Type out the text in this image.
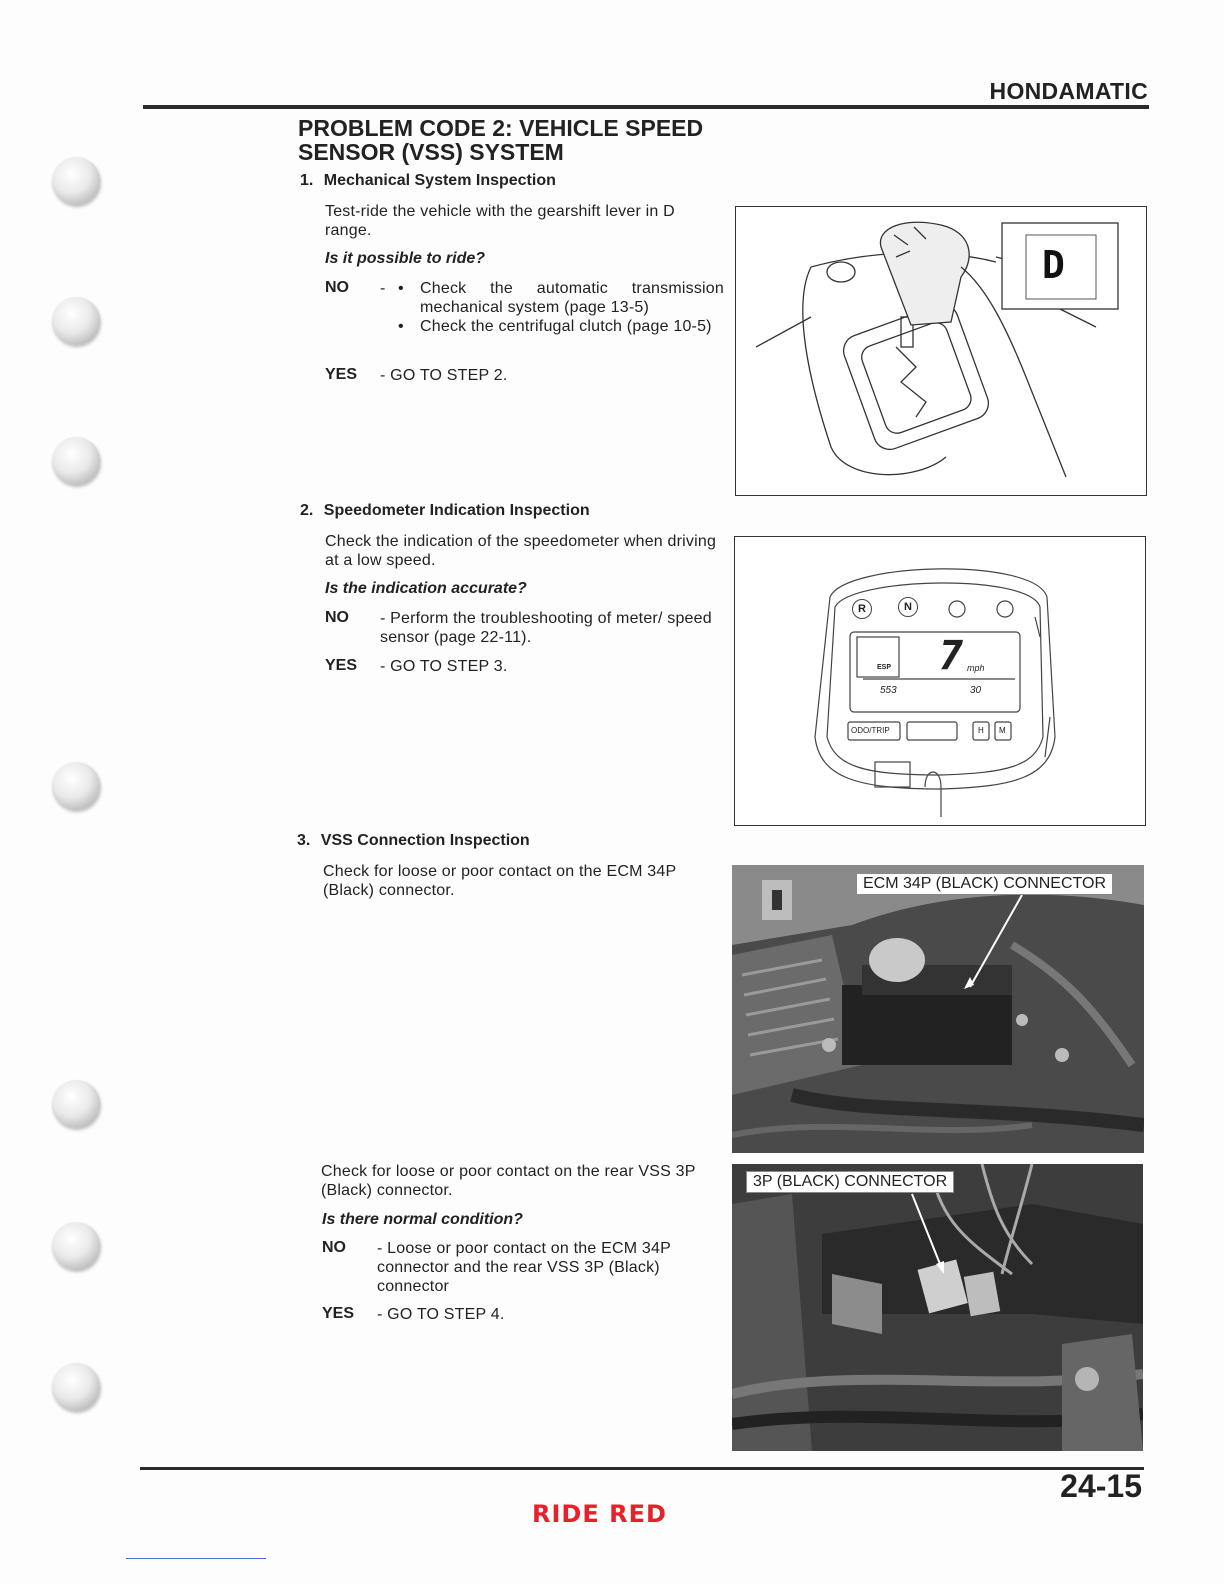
HONDAMATIC
PROBLEM CODE 2: VEHICLE SPEED
SENSOR (VSS) SYSTEM
1. Mechanical System Inspection
Test-ride the vehicle with the gearshift lever in D range.
Is it possible to ride?
NO - •	Check the automatic transmission mechanical system (page 13-5)
•	Check the centrifugal clutch (page 10-5)
YES - GO TO STEP 2.
D
2. Speedometer Indication Inspection
Check the indication of the speedometer when driving at a low speed.
Is the indication accurate?
NO - Perform the troubleshooting of meter/ speed sensor (page 22-11).
YES - GO TO STEP 3.
R	N
ESP 7 mph
553	30
ODO/TRIP	H M
3. VSS Connection Inspection
Check for loose or poor contact on the ECM 34P (Black) connector.	ECM 34P (BLACK) CONNECTOR
Check for loose or poor contact on the rear VSS 3P (Black) connector.
Is there normal condition?
NO - Loose or poor contact on the ECM 34P connector and the rear VSS 3P (Black) connector
YES - GO TO STEP 4.
3P (BLACK) CONNECTOR
24-15
RIDE RED
